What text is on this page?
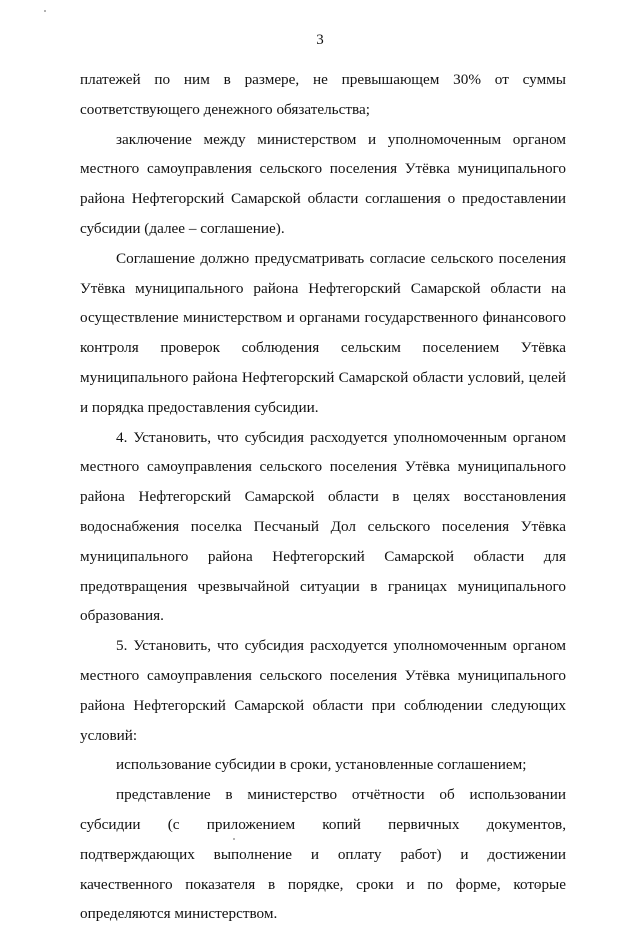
3

платежей по ним в размере, не превышающем 30% от суммы соответствующего денежного обязательства;

заключение между министерством и уполномоченным органом местного самоуправления сельского поселения Утёвка муниципального района Нефтегорский Самарской области соглашения о предоставлении субсидии (далее – соглашение).

Соглашение должно предусматривать согласие сельского поселения Утёвка муниципального района Нефтегорский Самарской области на осуществление министерством и органами государственного финансового контроля проверок соблюдения сельским поселением Утёвка муниципального района Нефтегорский Самарской области условий, целей и порядка предоставления субсидии.

4. Установить, что субсидия расходуется уполномоченным органом местного самоуправления сельского поселения Утёвка муниципального района Нефтегорский Самарской области в целях восстановления водоснабжения поселка Песчаный Дол сельского поселения Утёвка муниципального района Нефтегорский Самарской области для предотвращения чрезвычайной ситуации в границах муниципального образования.

5. Установить, что субсидия расходуется уполномоченным органом местного самоуправления сельского поселения Утёвка муниципального района Нефтегорский Самарской области при соблюдении следующих условий:

использование субсидии в сроки, установленные соглашением;

представление в министерство отчётности об использовании субсидии (с приложением копий первичных документов, подтверждающих выполнение и оплату работ) и достижении качественного показателя в порядке, сроки и по форме, которые определяются министерством.
